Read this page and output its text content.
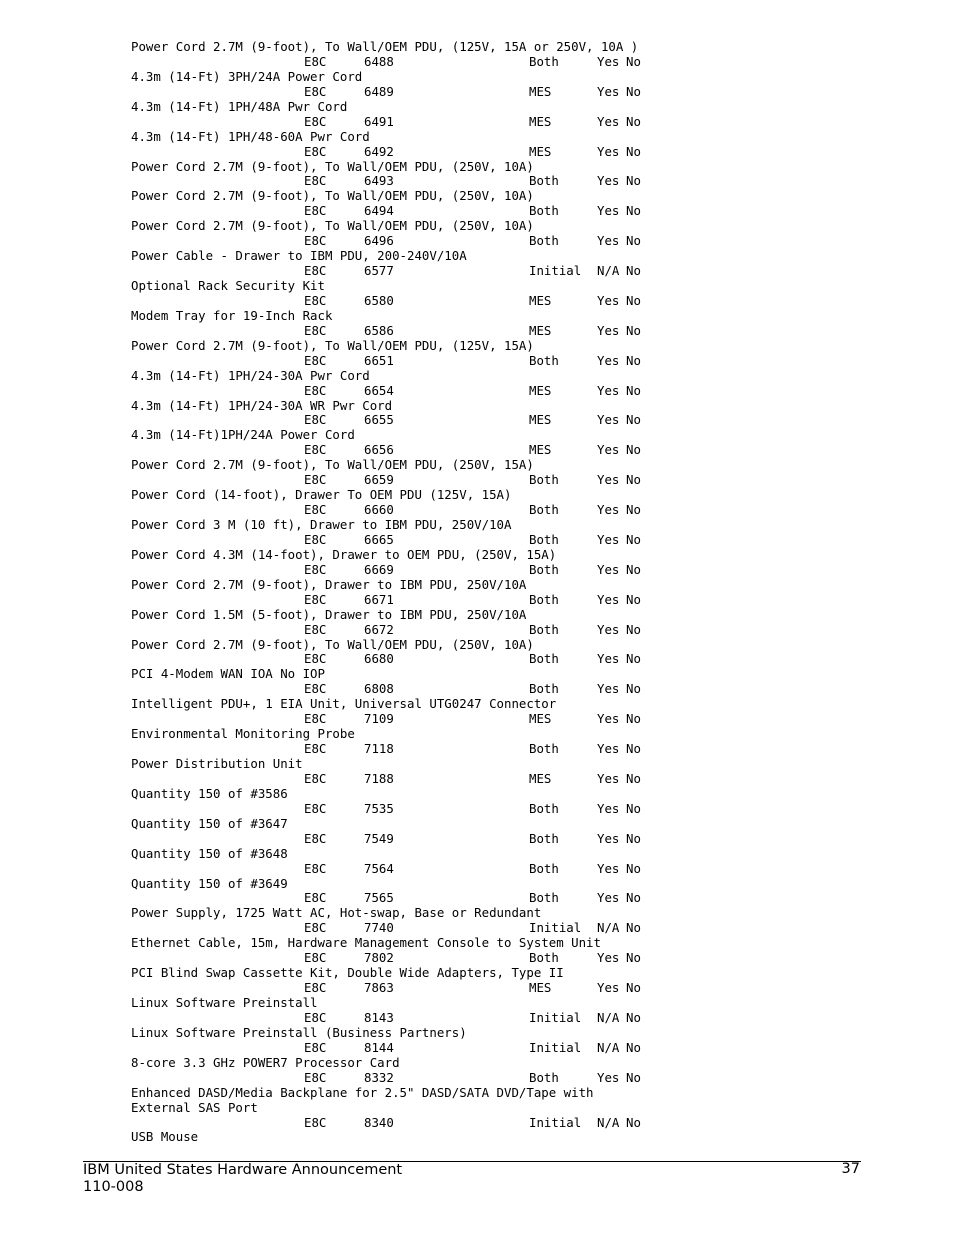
Power Cord 2.7M (9-foot), To Wall/OEM PDU, (125V, 15A or 250V, 10A )
E8C	6488	Both	Yes No
4.3m (14-Ft) 3PH/24A Power Cord
E8C	6489	MES	Yes No
4.3m (14-Ft) 1PH/48A Pwr Cord
E8C	6491	MES	Yes No
4.3m (14-Ft) 1PH/48-60A Pwr Cord
E8C	6492	MES	Yes No
Power Cord 2.7M (9-foot), To Wall/OEM PDU, (250V, 10A)
E8C	6493	Both	Yes No
Power Cord 2.7M (9-foot), To Wall/OEM PDU, (250V, 10A)
E8C	6494	Both	Yes No
Power Cord 2.7M (9-foot), To Wall/OEM PDU, (250V, 10A)
E8C	6496	Both	Yes No
Power Cable - Drawer to IBM PDU, 200-240V/10A
E8C	6577	Initial N/A No
Optional Rack Security Kit
E8C	6580	MES	Yes No
Modem Tray for 19-Inch Rack
E8C	6586	MES	Yes No
Power Cord 2.7M (9-foot), To Wall/OEM PDU, (125V, 15A)
E8C	6651	Both	Yes No
4.3m (14-Ft) 1PH/24-30A Pwr Cord
E8C	6654	MES	Yes No
4.3m (14-Ft) 1PH/24-30A WR Pwr Cord
E8C	6655	MES	Yes No
4.3m (14-Ft)1PH/24A Power Cord
E8C	6656	MES	Yes No
Power Cord 2.7M (9-foot), To Wall/OEM PDU, (250V, 15A)
E8C	6659	Both	Yes No
Power Cord (14-foot), Drawer To OEM PDU (125V, 15A)
E8C	6660	Both	Yes No
Power Cord 3 M (10 ft), Drawer to IBM PDU, 250V/10A
E8C	6665	Both	Yes No
Power Cord 4.3M (14-foot), Drawer to OEM PDU, (250V, 15A)
E8C	6669	Both	Yes No
Power Cord 2.7M (9-foot), Drawer to IBM PDU, 250V/10A
E8C	6671	Both	Yes No
Power Cord 1.5M (5-foot), Drawer to IBM PDU, 250V/10A
E8C	6672	Both	Yes No
Power Cord 2.7M (9-foot), To Wall/OEM PDU, (250V, 10A)
E8C	6680	Both	Yes No
PCI 4-Modem WAN IOA No IOP
E8C	6808	Both	Yes No
Intelligent PDU+, 1 EIA Unit, Universal UTG0247 Connector
E8C	7109	MES	Yes No
Environmental Monitoring Probe
E8C	7118	Both	Yes No
Power Distribution Unit
E8C	7188	MES	Yes No
Quantity 150 of #3586
E8C	7535	Both	Yes No
Quantity 150 of #3647
E8C	7549	Both	Yes No
Quantity 150 of #3648
E8C	7564	Both	Yes No
Quantity 150 of #3649
E8C	7565	Both	Yes No
Power Supply, 1725 Watt AC, Hot-swap, Base or Redundant
E8C	7740	Initial N/A No
Ethernet Cable, 15m, Hardware Management Console to System Unit
E8C	7802	Both	Yes No
PCI Blind Swap Cassette Kit, Double Wide Adapters, Type II
E8C	7863	MES	Yes No
Linux Software Preinstall
E8C	8143	Initial N/A No
Linux Software Preinstall (Business Partners)
E8C	8144	Initial N/A No
8-core 3.3 GHz POWER7 Processor Card
E8C	8332	Both	Yes No
Enhanced DASD/Media Backplane for 2.5" DASD/SATA DVD/Tape with
External SAS Port
E8C	8340	Initial N/A No
USB Mouse
IBM United States Hardware Announcement
110-008
37
